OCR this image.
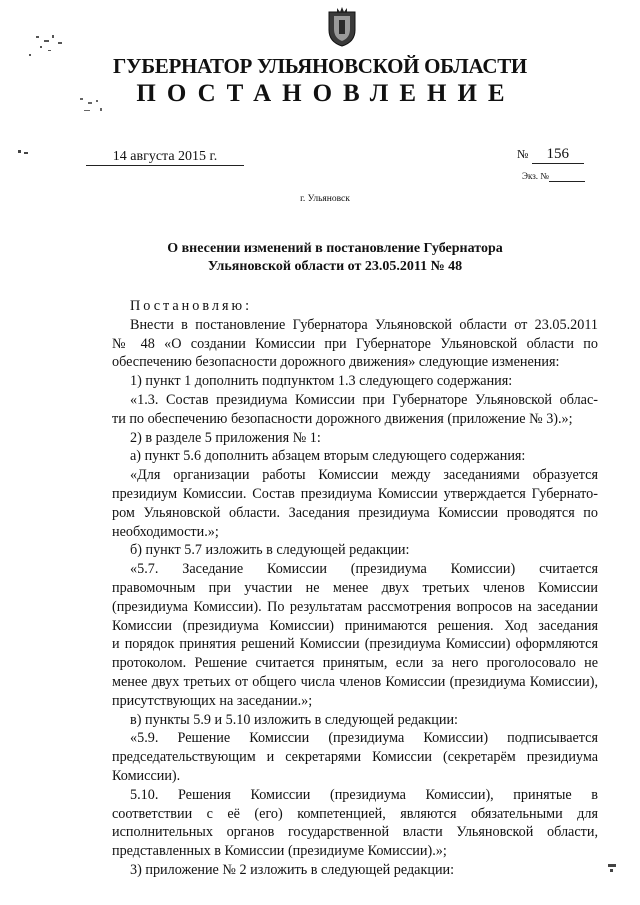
ГУБЕРНАТОР УЛЬЯНОВСКОЙ ОБЛАСТИ
ПОСТАНОВЛЕНИЕ
14 августа 2015 г.	№ 156
Экз. №
г. Ульяновск
О внесении изменений в постановление Губернатора
Ульяновской области от 23.05.2011 № 48
Постановляю:
Внести в постановление Губернатора Ульяновской области от 23.05.2011
№ 48 «О создании Комиссии при Губернаторе Ульяновской области по
обеспечению безопасности дорожного движения» следующие изменения:
1) пункт 1 дополнить подпунктом 1.3 следующего содержания:
«1.3. Состав президиума Комиссии при Губернаторе Ульяновской облас-
ти по обеспечению безопасности дорожного движения (приложение № 3).»;
2) в разделе 5 приложения № 1:
а) пункт 5.6 дополнить абзацем вторым следующего содержания:
«Для организации работы Комиссии между заседаниями образуется
президиум Комиссии. Состав президиума Комиссии утверждается Губернато-
ром Ульяновской области. Заседания президиума Комиссии проводятся по
необходимости.»;
б) пункт 5.7 изложить в следующей редакции:
«5.7. Заседание Комиссии (президиума Комиссии) считается
правомочным при участии не менее двух третьих членов Комиссии
(президиума Комиссии). По результатам рассмотрения вопросов на заседании
Комиссии (президиума Комиссии) принимаются решения. Ход заседания
и порядок принятия решений Комиссии (президиума Комиссии) оформляются
протоколом. Решение считается принятым, если за него проголосовало не
менее двух третьих от общего числа членов Комиссии (президиума Комиссии),
присутствующих на заседании.»;
в) пункты 5.9 и 5.10 изложить в следующей редакции:
«5.9. Решение Комиссии (президиума Комиссии) подписывается
председательствующим и секретарями Комиссии (секретарём президиума
Комиссии).
5.10. Решения Комиссии (президиума Комиссии), принятые в
соответствии с её (его) компетенцией, являются обязательными для
исполнительных органов государственной власти Ульяновской области,
представленных в Комиссии (президиуме Комиссии).»;
3) приложение № 2 изложить в следующей редакции:
